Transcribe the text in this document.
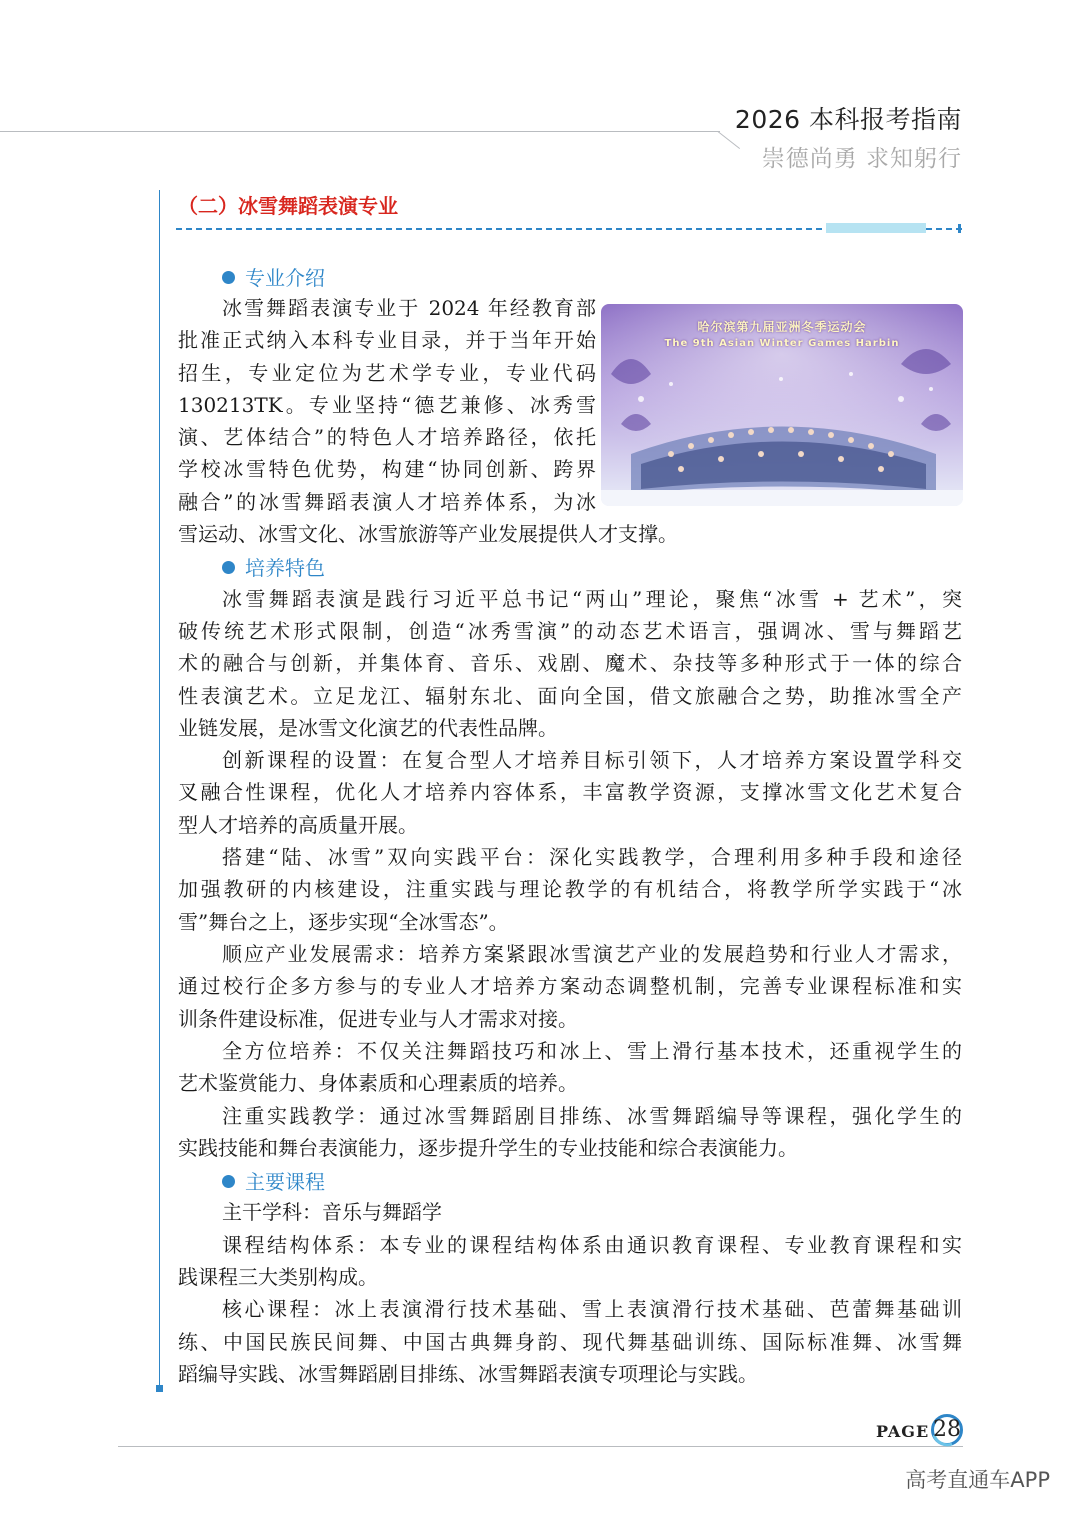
2026 本科报考指南
崇德尚勇 求知躬行
（二）冰雪舞蹈表演专业
专业介绍
培养特色
主要课程
哈尔滨第九届亚洲冬季运动会
The 9th Asian Winter Games Harbin
冰雪舞蹈表演专业于 2024 年经教育部
批准正式纳入本科专业目录，并于当年开始
招生，专业定位为艺术学专业，专业代码
130213TK。专业坚持“德艺兼修、冰秀雪
演、艺体结合”的特色人才培养路径，依托
学校冰雪特色优势，构建“协同创新、跨界
融合”的冰雪舞蹈表演人才培养体系，为冰
雪运动、冰雪文化、冰雪旅游等产业发展提供人才支撑。
冰雪舞蹈表演是践行习近平总书记“两山”理论，聚焦“冰雪 + 艺术”，突
破传统艺术形式限制，创造“冰秀雪演”的动态艺术语言，强调冰、雪与舞蹈艺
术的融合与创新，并集体育、音乐、戏剧、魔术、杂技等多种形式于一体的综合
性表演艺术。立足龙江、辐射东北、面向全国，借文旅融合之势，助推冰雪全产
业链发展，是冰雪文化演艺的代表性品牌。
创新课程的设置：在复合型人才培养目标引领下，人才培养方案设置学科交
叉融合性课程，优化人才培养内容体系，丰富教学资源，支撑冰雪文化艺术复合
型人才培养的高质量开展。
搭建“陆、冰雪”双向实践平台：深化实践教学，合理利用多种手段和途径
加强教研的内核建设，注重实践与理论教学的有机结合，将教学所学实践于“冰
雪”舞台之上，逐步实现“全冰雪态”。
顺应产业发展需求：培养方案紧跟冰雪演艺产业的发展趋势和行业人才需求，
通过校行企多方参与的专业人才培养方案动态调整机制，完善专业课程标准和实
训条件建设标准，促进专业与人才需求对接。
全方位培养：不仅关注舞蹈技巧和冰上、雪上滑行基本技术，还重视学生的
艺术鉴赏能力、身体素质和心理素质的培养。
注重实践教学：通过冰雪舞蹈剧目排练、冰雪舞蹈编导等课程，强化学生的
实践技能和舞台表演能力，逐步提升学生的专业技能和综合表演能力。
主干学科：音乐与舞蹈学
课程结构体系：本专业的课程结构体系由通识教育课程、专业教育课程和实
践课程三大类别构成。
核心课程：冰上表演滑行技术基础、雪上表演滑行技术基础、芭蕾舞基础训
练、中国民族民间舞、中国古典舞身韵、现代舞基础训练、国际标准舞、冰雪舞
蹈编导实践、冰雪舞蹈剧目排练、冰雪舞蹈表演专项理论与实践。
PAGE 28
高考直通车APP
